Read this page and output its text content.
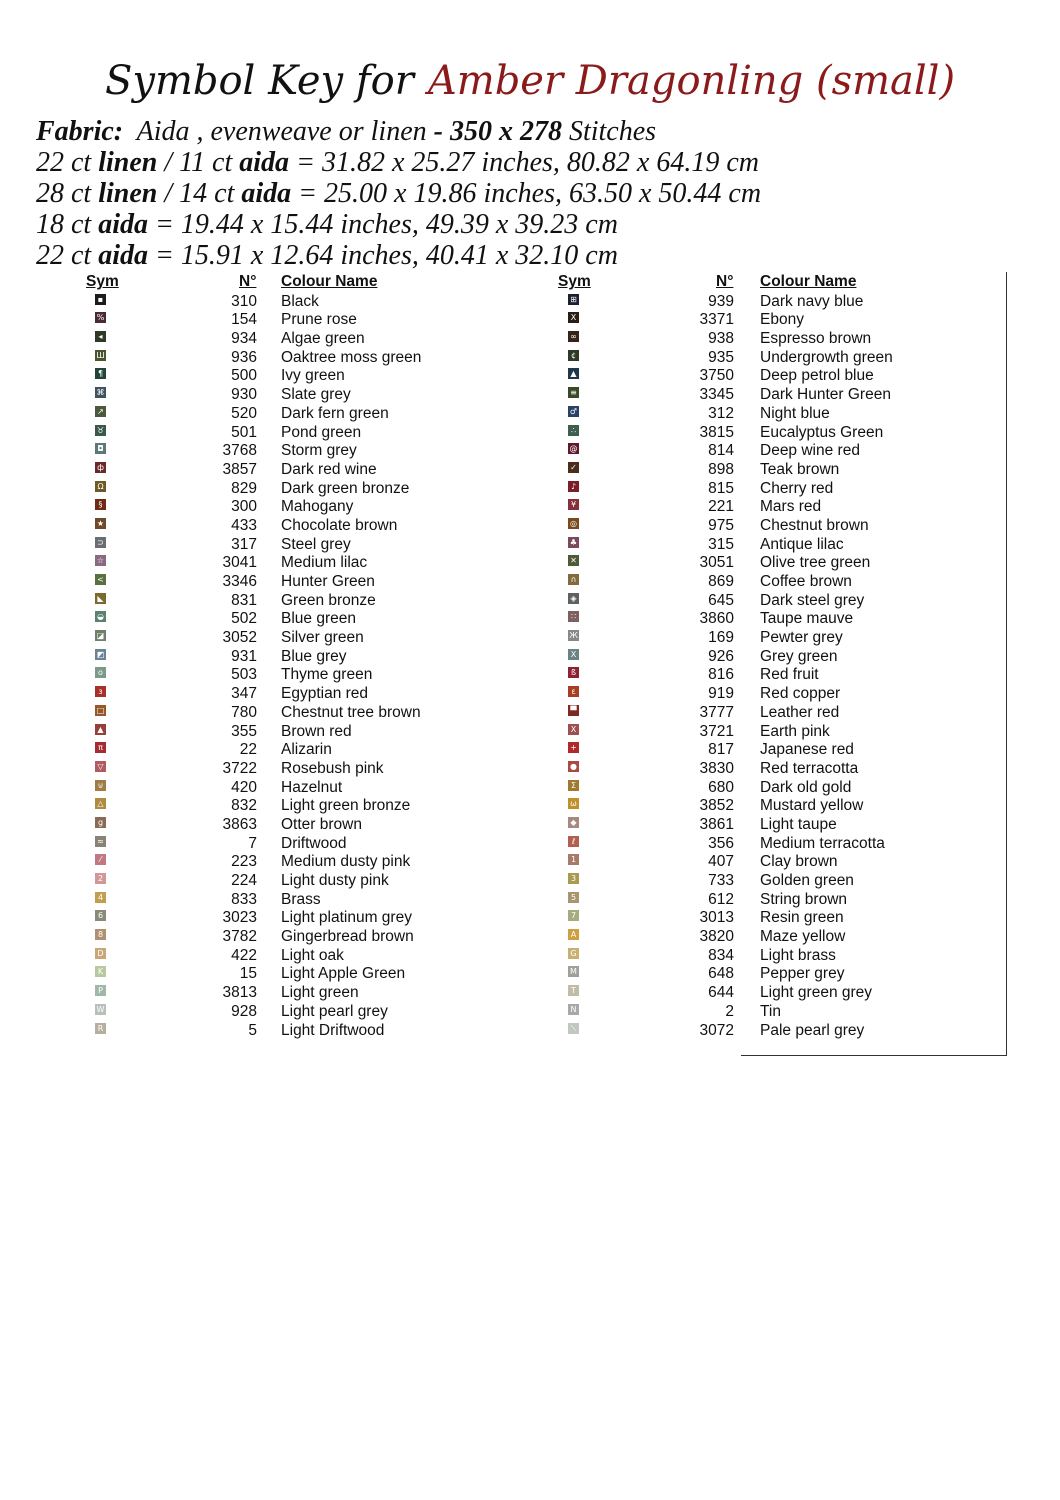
Symbol Key for Amber Dragonling (small)
Fabric: Aida , evenweave or linen - 350 x 278 Stitches
22 ct linen / 11 ct aida = 31.82 x 25.27 inches, 80.82 x 64.19 cm
28 ct linen / 14 ct aida = 25.00 x 19.86 inches, 63.50 x 50.44 cm
18 ct aida = 19.44 x 15.44 inches, 49.39 x 39.23 cm
22 ct aida = 15.91 x 12.64 inches, 40.41 x 32.10 cm
Sym	N° Colour Name
▪	310 Black
%	154 Prune rose
◂	934 Algae green
Ш	936 Oaktree moss green
¶	500 Ivy green
⌘	930 Slate grey
↗	520 Dark fern green
♉	501 Pond green
◘	3768 Storm grey
ф	3857 Dark red wine
Ω	829 Dark green bronze
§	300 Mahogany
★	433 Chocolate brown
⊃	317 Steel grey
☆	3041 Medium lilac
<	3346 Hunter Green
◣	831 Green bronze
◒	502 Blue green
◪	3052 Silver green
◩	931 Blue grey
o	503 Thyme green
ɜ	347 Egyptian red
□	780 Chestnut tree brown
▲	355 Brown red
π	22 Alizarin
▽	3722 Rosebush pink
⊍	420 Hazelnut
△	832 Light green bronze
g	3863 Otter brown
≈	7 Driftwood
⁄	223 Medium dusty pink
2	224 Light dusty pink
4	833 Brass
6	3023 Light platinum grey
8	3782 Gingerbread brown
D	422 Light oak
K	15 Light Apple Green
P	3813 Light green
W	928 Light pearl grey
R	5 Light Driftwood
Sym	N° Colour Name
⊞	939 Dark navy blue
X	3371 Ebony
∞	938 Espresso brown
¢	935 Undergrowth green
▲	3750 Deep petrol blue
≡	3345 Dark Hunter Green
♂	312 Night blue
∴	3815 Eucalyptus Green
@	814 Deep wine red
✓	898 Teak brown
♪	815 Cherry red
¥	221 Mars red
◎	975 Chestnut brown
♣	315 Antique lilac
✕	3051 Olive tree green
∩	869 Coffee brown
◈	645 Dark steel grey
∷	3860 Taupe mauve
Ж	169 Pewter grey
X	926 Grey green
ß	816 Red fruit
ɛ	919 Red copper
▀	3777 Leather red
X	3721 Earth pink
+	817 Japanese red
●	3830 Red terracotta
Σ	680 Dark old gold
ω	3852 Mustard yellow
◆	3861 Light taupe
ℓ	356 Medium terracotta
1	407 Clay brown
3	733 Golden green
5	612 String brown
7	3013 Resin green
A	3820 Maze yellow
G	834 Light brass
M	648 Pepper grey
T	644 Light green grey
N	2 Tin
⟍	3072 Pale pearl grey
